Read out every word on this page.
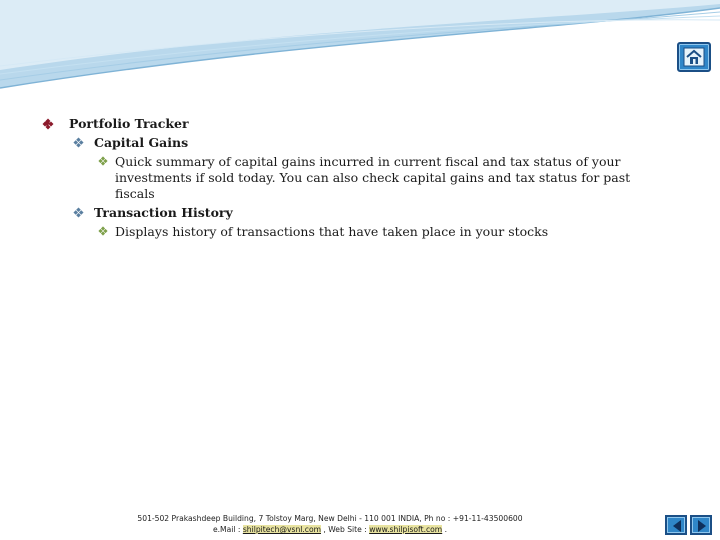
Portfolio Tracker
Capital Gains
Quick summary of capital gains incurred in current fiscal and tax status of your investments if sold today. You can also check capital gains and tax status for past fiscals
Transaction History
Displays history of transactions that have taken place in your stocks
501-502 Prakashdeep Building, 7 Tolstoy Marg, New Delhi - 110 001 INDIA, Ph no : +91-11-43500600
e.Mail : shilpitech@vsnl.com , Web Site : www.shilpisoft.com .
